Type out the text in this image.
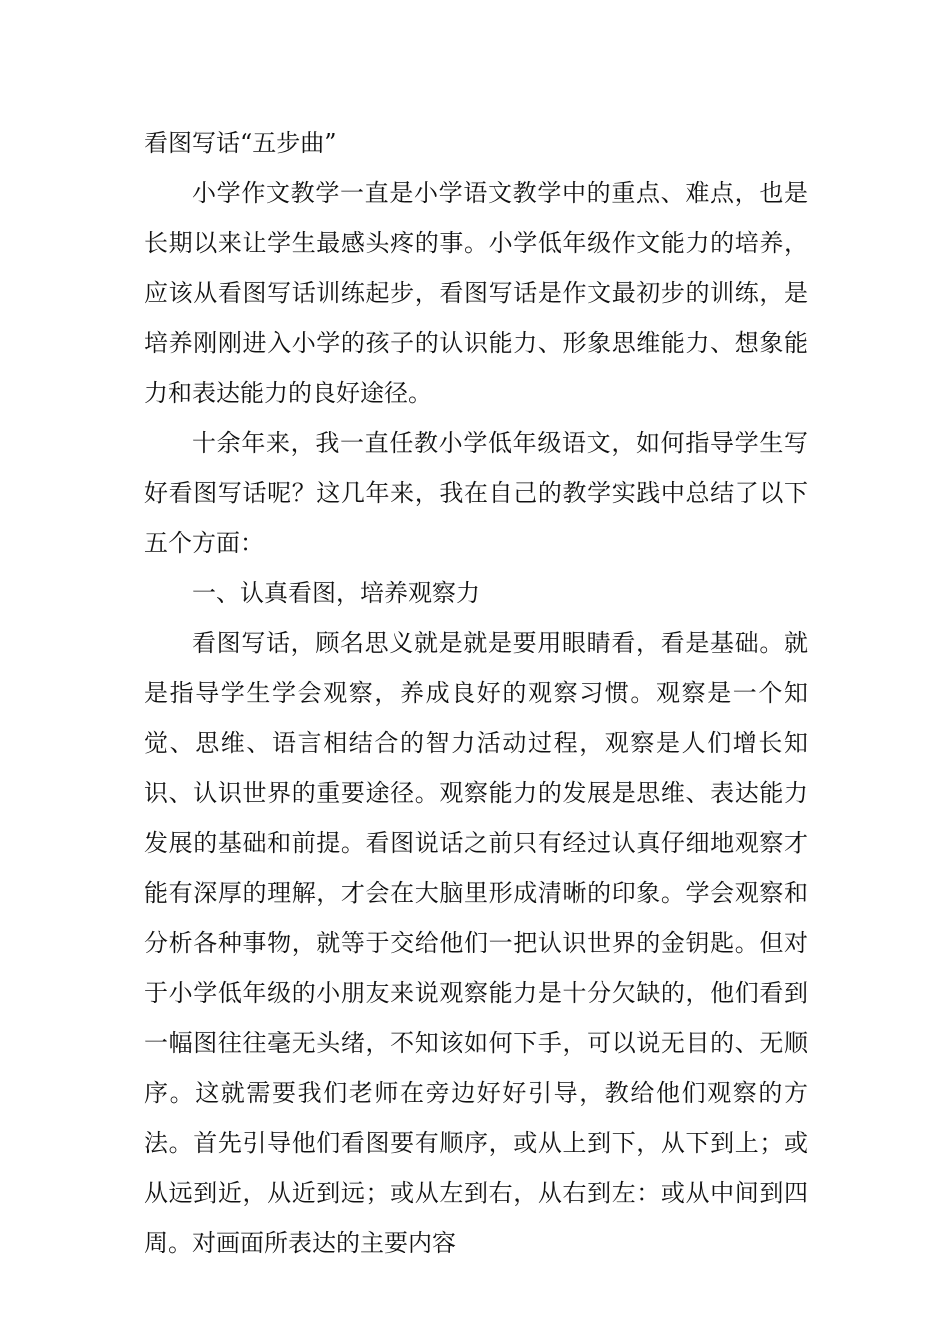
看图写话“五步曲”

小学作文教学一直是小学语文教学中的重点、难点，也是长期以来让学生最感头疼的事。小学低年级作文能力的培养，应该从看图写话训练起步，看图写话是作文最初步的训练，是培养刚刚进入小学的孩子的认识能力、形象思维能力、想象能力和表达能力的良好途径。

十余年来，我一直任教小学低年级语文，如何指导学生写好看图写话呢？这几年来，我在自己的教学实践中总结了以下五个方面：

一、认真看图，培养观察力

看图写话，顾名思义就是就是要用眼睛看，看是基础。就是指导学生学会观察，养成良好的观察习惯。观察是一个知觉、思维、语言相结合的智力活动过程，观察是人们增长知识、认识世界的重要途径。观察能力的发展是思维、表达能力发展的基础和前提。看图说话之前只有经过认真仔细地观察才能有深厚的理解，才会在大脑里形成清晰的印象。学会观察和分析各种事物，就等于交给他们一把认识世界的金钥匙。但对于小学低年级的小朋友来说观察能力是十分欠缺的，他们看到一幅图往往毫无头绪，不知该如何下手，可以说无目的、无顺序。这就需要我们老师在旁边好好引导，教给他们观察的方法。首先引导他们看图要有顺序，或从上到下，从下到上；或从远到近，从近到远；或从左到右，从右到左：或从中间到四周。对画面所表达的主要内容
